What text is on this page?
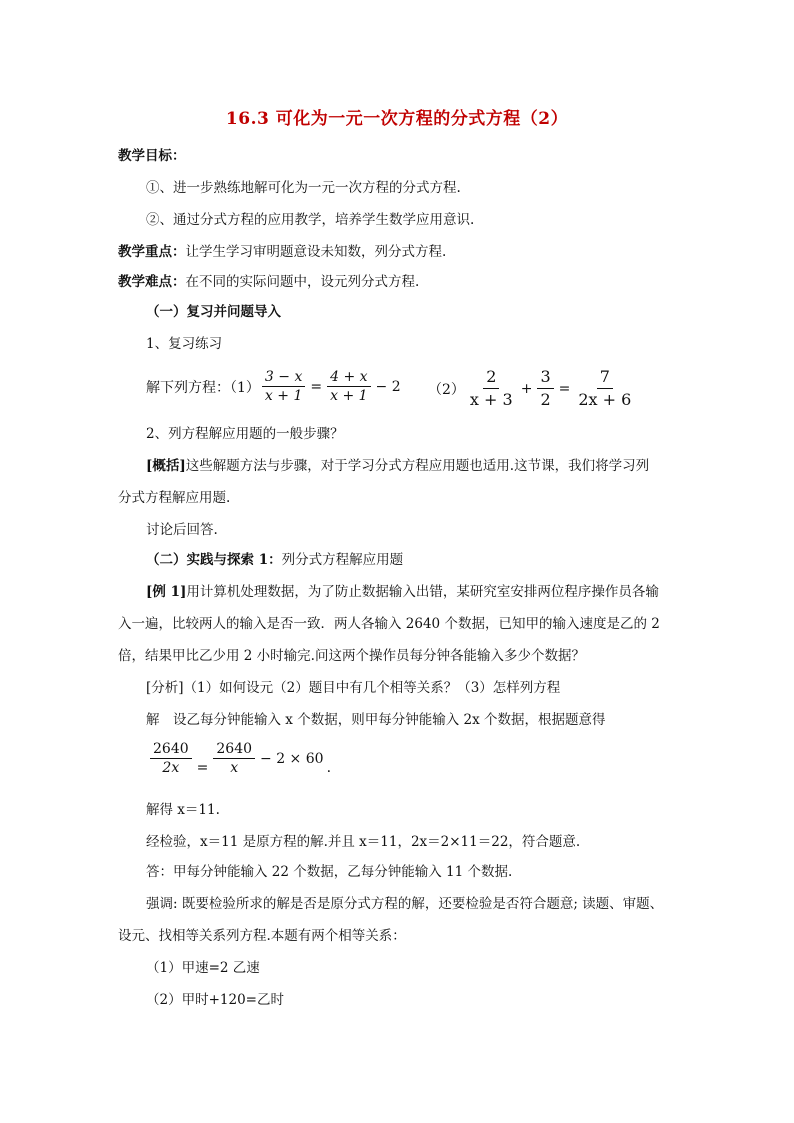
16.3 可化为一元一次方程的分式方程（2）
教学目标：
①、进一步熟练地解可化为一元一次方程的分式方程.
②、通过分式方程的应用教学，培养学生数学应用意识.
教学重点：让学生学习审明题意设未知数，列分式方程.
教学难点：在不同的实际问题中，设元列分式方程.
（一）复习并问题导入
1、复习练习
解下列方程：$(1) \frac{3 - x}{x + 1} = \frac{4 + x}{x + 1} - 2$ $(2) \frac{2}{x + 3} + \frac{3}{2} = \frac{7}{2x + 6}$
2、列方程解应用题的一般步骤？
[概括]这些解题方法与步骤，对于学习分式方程应用题也适用.这节课，我们将学习列
分式方程解应用题.
讨论后回答.
（二）实践与探索 1：列分式方程解应用题
[例 1]用计算机处理数据，为了防止数据输入出错，某研究室安排两位程序操作员各输
入一遍，比较两人的输入是否一致．两人各输入 2640 个数据，已知甲的输入速度是乙的 2
倍，结果甲比乙少用 2 小时输完.问这两个操作员每分钟各能输入多少个数据？
[分析]（1）如何设元（2）题目中有几个相等关系？（3）怎样列方程
解　设乙每分钟能输入 x 个数据，则甲每分钟能输入 2x 个数据，根据题意得
$\frac{2640}{2x} = \frac{2640}{x} - 2 \times 60$
.
解得 x＝11.
经检验，x＝11 是原方程的解.并且 x＝11，2x＝2×11＝22，符合题意.
答：甲每分钟能输入 22 个数据，乙每分钟能输入 11 个数据.
强调: 既要检验所求的解是否是原分式方程的解，还要检验是否符合题意; 读题、审题、
设元、找相等关系列方程.本题有两个相等关系：
（1）甲速=2 乙速
（2）甲时+120=乙时
